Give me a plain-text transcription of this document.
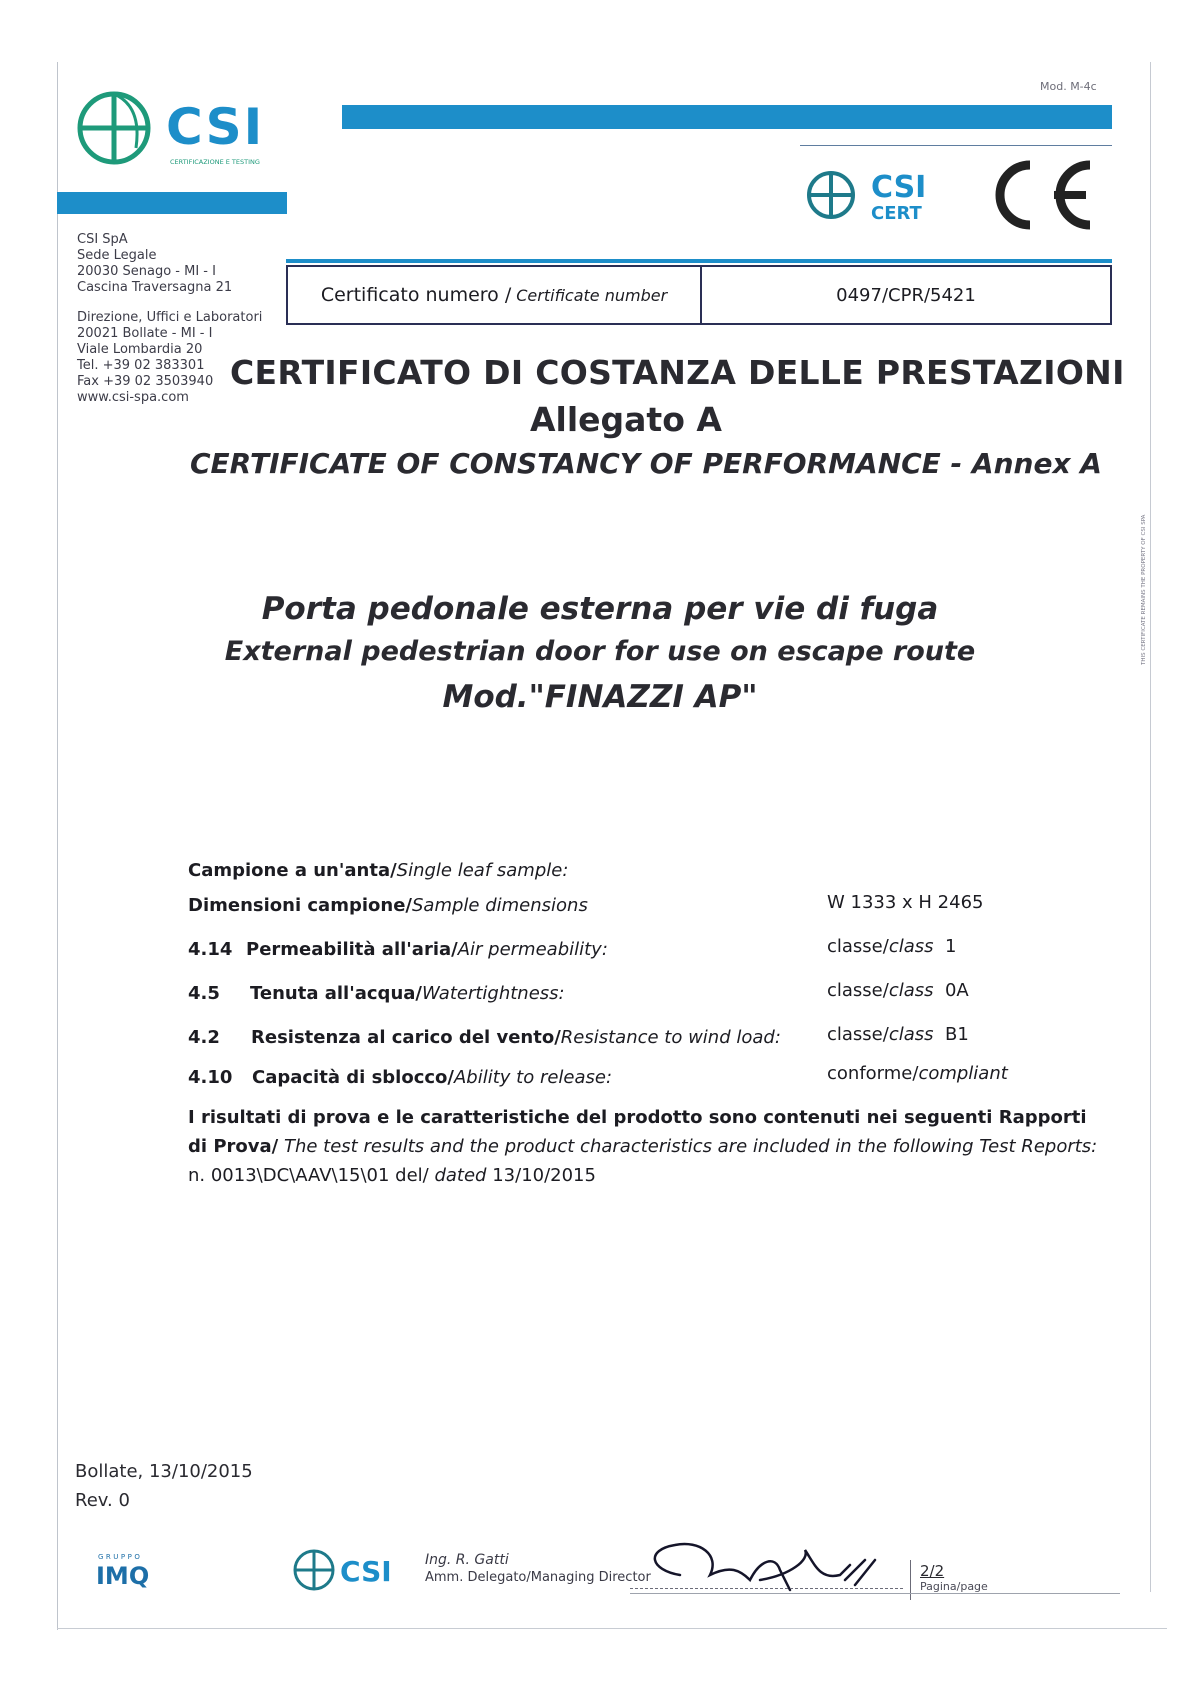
CSI
CERTIFICAZIONE E TESTING
Mod. M-4c
CSI
CERT
CSI SpA
Sede Legale
20030 Senago - MI - I
Cascina Traversagna 21
Direzione, Uffici e Laboratori
20021 Bollate - MI - I
Viale Lombardia 20
Tel. +39 02 383301
Fax +39 02 3503940
www.csi-spa.com
Certificato numero / Certificate number	0497/CPR/5421
CERTIFICATO DI COSTANZA DELLE PRESTAZIONI
Allegato A
CERTIFICATE OF CONSTANCY OF PERFORMANCE - Annex A
THIS CERTIFICATE REMAINS THE PROPERTY OF CSI SPA
Porta pedonale esterna per vie di fuga
External pedestrian door for use on escape route
Mod."FINAZZI AP"
Campione a un'anta/Single leaf sample:
Dimensioni campione/Sample dimensions	W 1333 x H 2465
4.14 Permeabilità all'aria/Air permeability:	classe/class 1
4.5 Tenuta all'acqua/Watertightness:	classe/class 0A
4.2 Resistenza al carico del vento/Resistance to wind load:	classe/class B1
4.10 Capacità di sblocco/Ability to release:	conforme/compliant
I risultati di prova e le caratteristiche del prodotto sono contenuti nei seguenti Rapporti di Prova/ The test results and the product characteristics are included in the following Test Reports:
n. 0013\DC\AAV\15\01 del/ dated 13/10/2015
Bollate, 13/10/2015
Rev. 0
GRUPPO
IMQ	CSI Ing. R. Gatti
Amm. Delegato/Managing Director	2/2
Pagina/page
